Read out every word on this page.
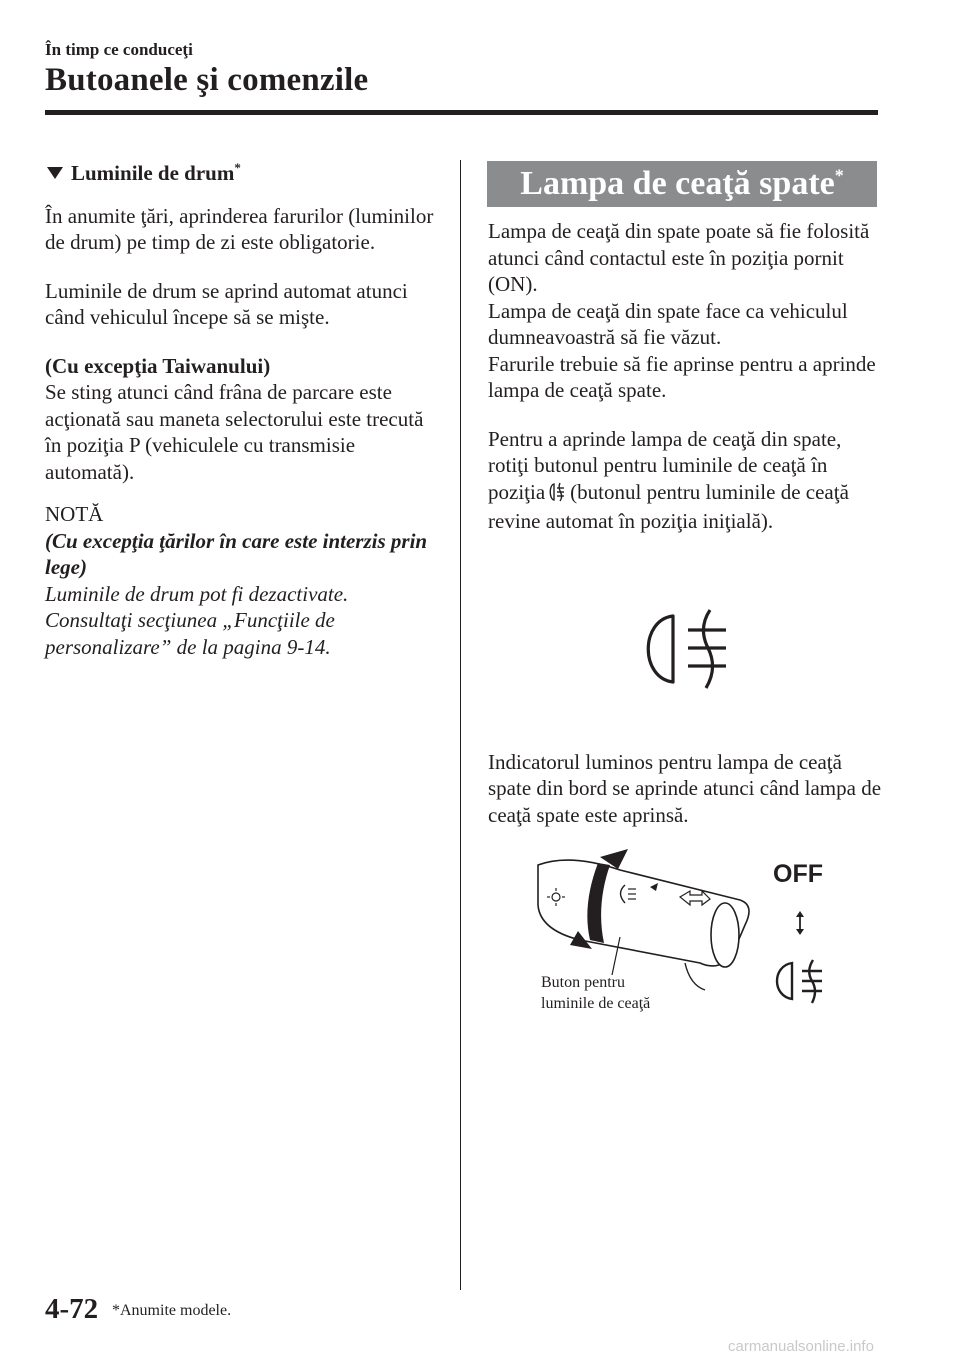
În timp ce conduceţi
Butoanele şi comenzile
Luminile de drum*

În anumite ţări, aprinderea farurilor (luminilor de drum) pe timp de zi este obligatorie.

Luminile de drum se aprind automat atunci când vehiculul începe să se mişte.

(Cu excepţia Taiwanului)

Se sting atunci când frâna de parcare este acţionată sau maneta selectorului este trecută în poziţia P (vehiculele cu transmisie automată).

NOTĂ

(Cu excepţia ţărilor în care este interzis prin lege)

Luminile de drum pot fi dezactivate. Consultaţi secţiunea „Funcţiile de personalizare” de la pagina 9-14.

Lampa de ceaţă spate*

Lampa de ceaţă din spate poate să fie folosită atunci când contactul este în poziţia pornit (ON).

Lampa de ceaţă din spate face ca vehiculul dumneavoastră să fie văzut.

Farurile trebuie să fie aprinse pentru a aprinde lampa de ceaţă spate.

Pentru a aprinde lampa de ceaţă din spate, rotiţi butonul pentru luminile de ceaţă în poziţia (butonul pentru luminile de ceaţă revine automat în poziţia iniţială).

Indicatorul luminos pentru lampa de ceaţă spate din bord se aprinde atunci când lampa de ceaţă spate este aprinsă.

OFF
Buton pentru
luminile de ceaţă
4-72 *Anumite modele.
carmanualsonline.info
